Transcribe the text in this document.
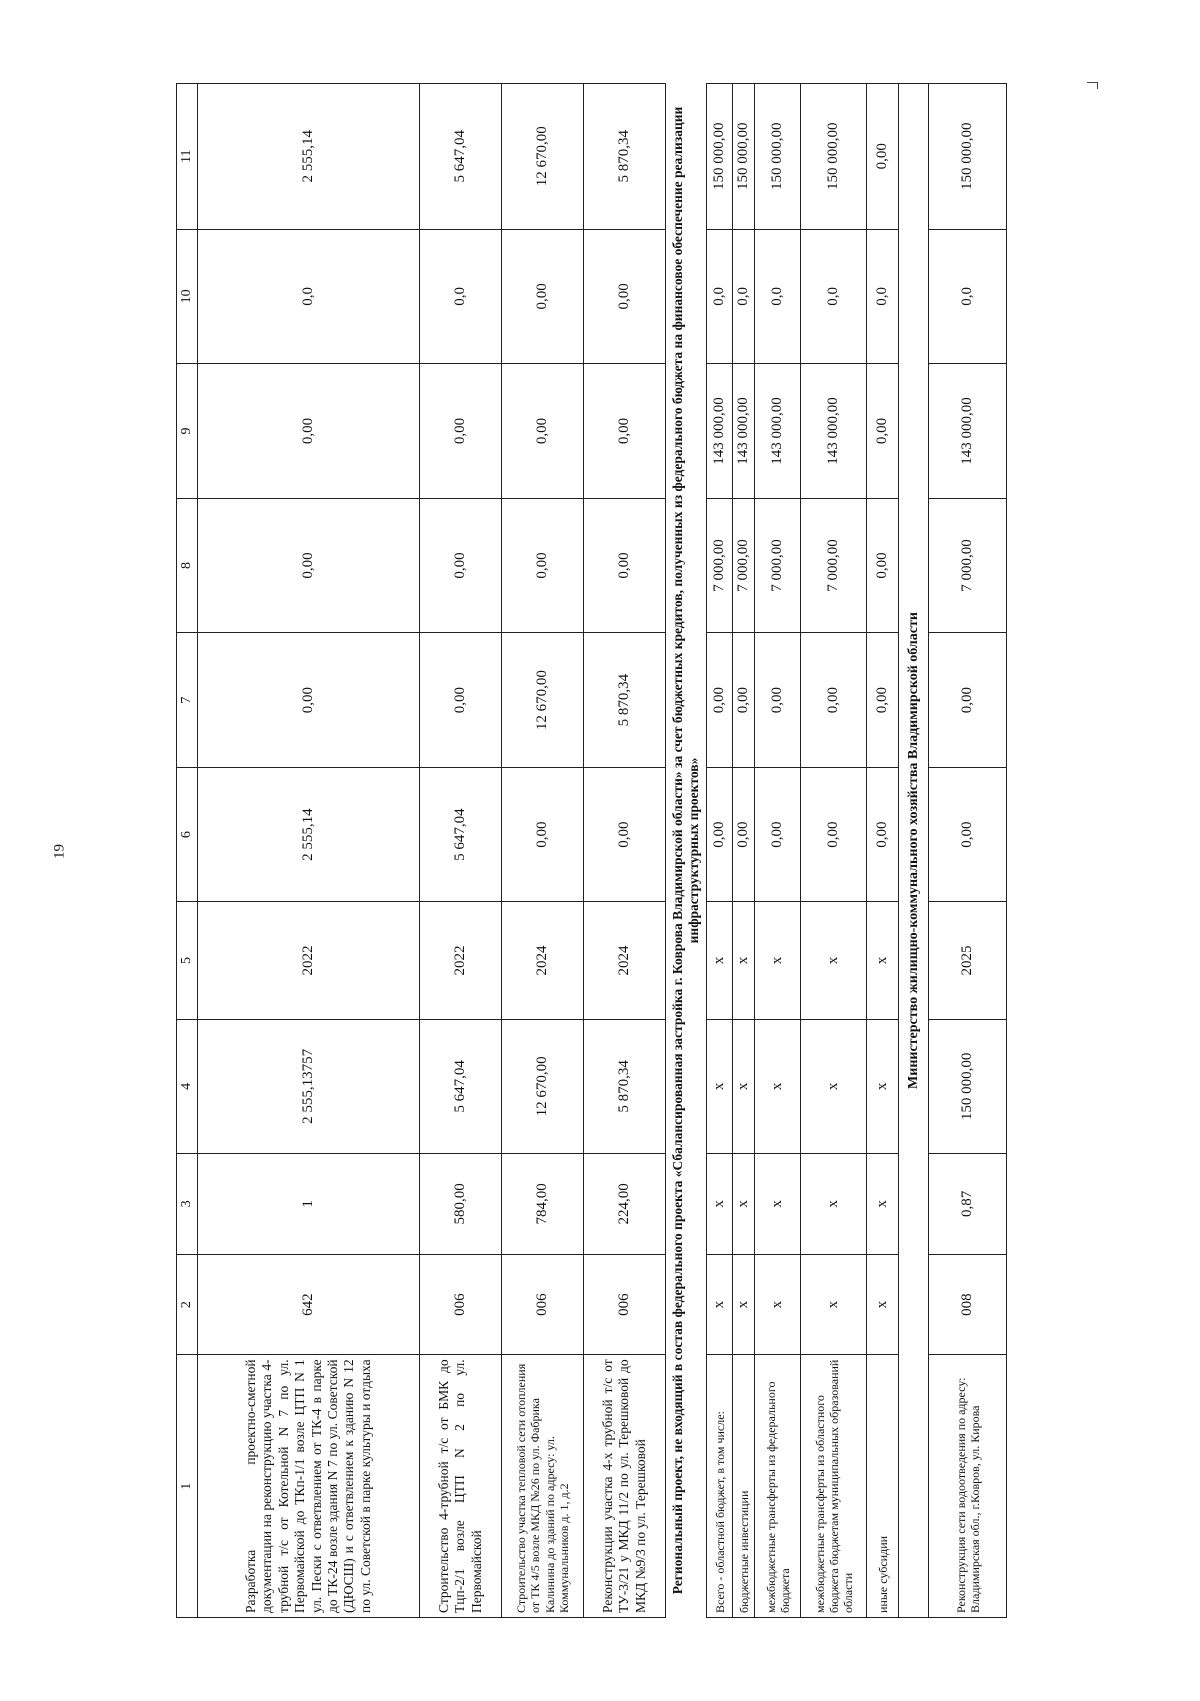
19
1	2	3	4	5	6	7	8	9	10	11
Разработка проектно-сметной документации на реконструкцию участка 4-трубной т/с от Котельной N 7 по ул. Первомайской до ТКп-1/1 возле ЦТП N 1 ул. Пески с ответвлением от ТК-4 в парке до ТК-24 возле здания N 7 по ул. Советской (ДЮСШ) и с ответвлением к зданию N 12 по ул. Советской в парке культуры и отдыха	642	1	2 555,13757	2022	2 555,14	0,00	0,00	0,00	0,0	2 555,14
Строительство 4-трубной т/с от БМК до Тцп-2/1 возле ЦТП N 2 по ул. Первомайской	006	580,00	5 647,04	2022	5 647,04	0,00	0,00	0,00	0,0	5 647,04
Строительство участка тепловой сети отопления от ТК 4/5 возле МКД №26 по ул. Фабрика Калинина до зданий по адресу: ул. Коммунальников д. 1, д.2	006	784,00	12 670,00	2024	0,00	12 670,00	0,00	0,00	0,00	12 670,00
Реконструкции участка 4-х трубной т/с от ТУ-3/21 у МКД 11/2 по ул. Терешковой до МКД №9/3 по ул. Терешковой	006	224,00	5 870,34	2024	0,00	5 870,34	0,00	0,00	0,00	5 870,34
Региональный проект, не входящий в состав федерального проекта «Сбалансированная застройка г. Коврова Владимирской области» за счет бюджетных кредитов, полученных из федерального бюджета на финансовое обеспечение реализации инфраструктурных проектов»										
Всего - областной бюджет, в том числе:	х	х	х	х	0,00	0,00	7 000,00	143 000,00	0,0	150 000,00
бюджетные инвестиции	х	х	х	х	0,00	0,00	7 000,00	143 000,00	0,0	150 000,00
межбюджетные трансферты из федерального бюджета	х	х	х	х	0,00	0,00	7 000,00	143 000,00	0,0	150 000,00
межбюджетные трансферты из областного бюджета бюджетам муниципальных образований области	х	х	х	х	0,00	0,00	7 000,00	143 000,00	0,0	150 000,00
иные субсидии	х	х	х	х	0,00	0,00	0,00	0,00	0,0	0,00
Министерство жилищно-коммунального хозяйства Владимирской области										
Реконструкция сети водоотведения по адресу: Владимирская обл., г.Ковров, ул. Кирова	008	0,87	150 000,00	2025	0,00	0,00	7 000,00	143 000,00	0,0	150 000,00
